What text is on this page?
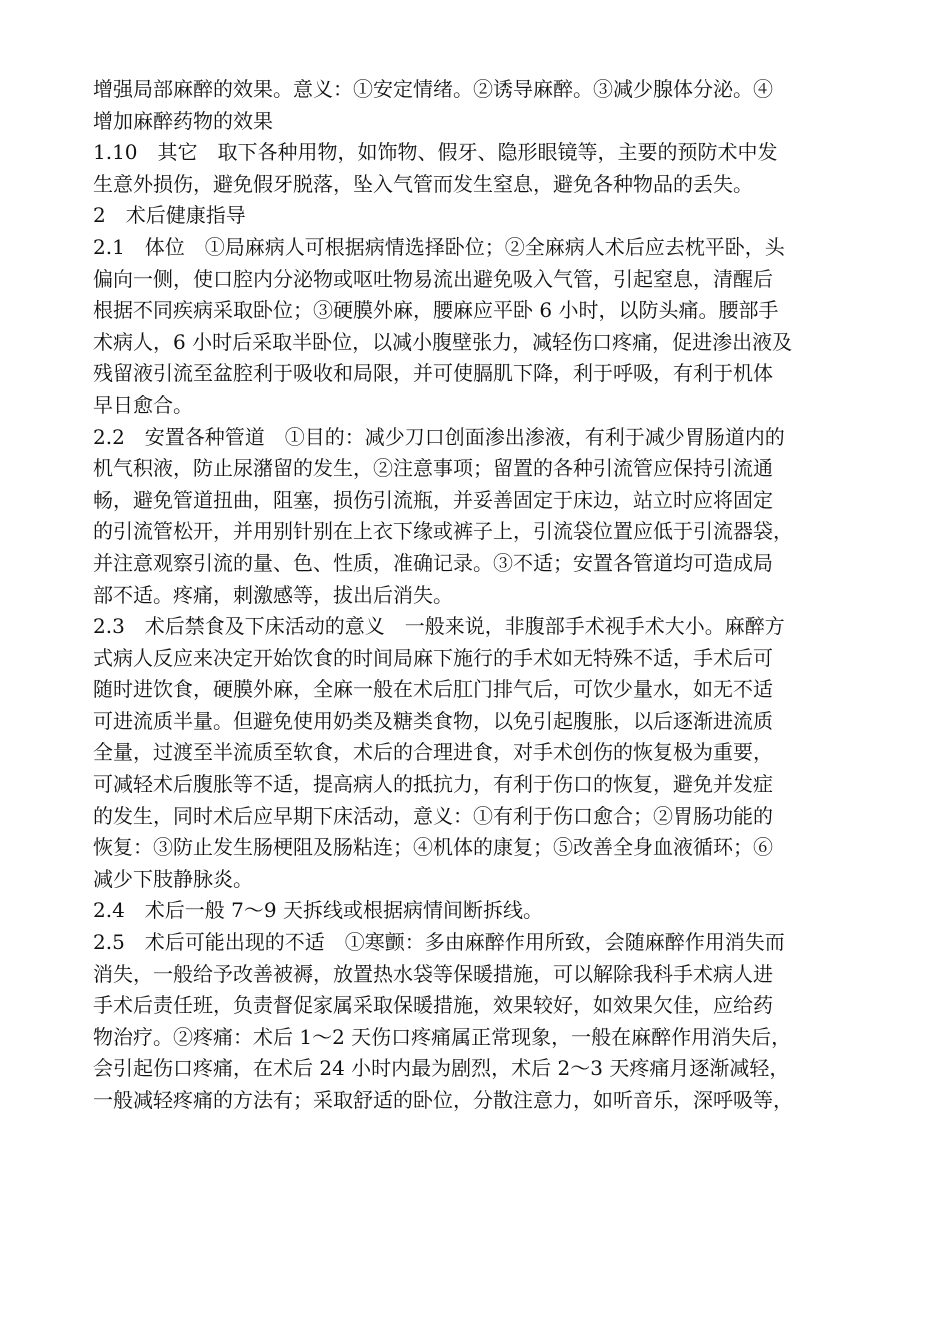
增强局部麻醉的效果。意义：①安定情绪。②诱导麻醉。③减少腺体分泌。④
增加麻醉药物的效果
1.10　其它　取下各种用物，如饰物、假牙、隐形眼镜等，主要的预防术中发
生意外损伤，避免假牙脱落，坠入气管而发生窒息，避免各种物品的丢失。
2　术后健康指导
2.1　体位　①局麻病人可根据病情选择卧位；②全麻病人术后应去枕平卧，头
偏向一侧，使口腔内分泌物或呕吐物易流出避免吸入气管，引起窒息，清醒后
根据不同疾病采取卧位；③硬膜外麻，腰麻应平卧 6 小时，以防头痛。腰部手
术病人，6 小时后采取半卧位，以减小腹壁张力，减轻伤口疼痛，促进渗出液及
残留液引流至盆腔利于吸收和局限，并可使膈肌下降，利于呼吸，有利于机体
早日愈合。
2.2　安置各种管道　①目的：减少刀口创面渗出渗液，有利于减少胃肠道内的
机气积液，防止尿潴留的发生，②注意事项；留置的各种引流管应保持引流通
畅，避免管道扭曲，阻塞，损伤引流瓶，并妥善固定于床边，站立时应将固定
的引流管松开，并用别针别在上衣下缘或裤子上，引流袋位置应低于引流器袋，
并注意观察引流的量、色、性质，准确记录。③不适；安置各管道均可造成局
部不适。疼痛，刺激感等，拔出后消失。
2.3　术后禁食及下床活动的意义　一般来说，非腹部手术视手术大小。麻醉方
式病人反应来决定开始饮食的时间局麻下施行的手术如无特殊不适，手术后可
随时进饮食，硬膜外麻，全麻一般在术后肛门排气后，可饮少量水，如无不适
可进流质半量。但避免使用奶类及糖类食物，以免引起腹胀，以后逐渐进流质
全量，过渡至半流质至软食，术后的合理进食，对手术创伤的恢复极为重要，
可减轻术后腹胀等不适，提高病人的抵抗力，有利于伤口的恢复，避免并发症
的发生，同时术后应早期下床活动，意义：①有利于伤口愈合；②胃肠功能的
恢复：③防止发生肠梗阻及肠粘连；④机体的康复；⑤改善全身血液循环；⑥
减少下肢静脉炎。
2.4　术后一般 7～9 天拆线或根据病情间断拆线。
2.5　术后可能出现的不适　①寒颤：多由麻醉作用所致，会随麻醉作用消失而
消失，一般给予改善被褥，放置热水袋等保暖措施，可以解除我科手术病人进
手术后责任班，负责督促家属采取保暖措施，效果较好，如效果欠佳，应给药
物治疗。②疼痛：术后 1～2 天伤口疼痛属正常现象，一般在麻醉作用消失后，
会引起伤口疼痛，在术后 24 小时内最为剧烈，术后 2～3 天疼痛月逐渐减轻，
一般减轻疼痛的方法有；采取舒适的卧位，分散注意力，如听音乐，深呼吸等，
